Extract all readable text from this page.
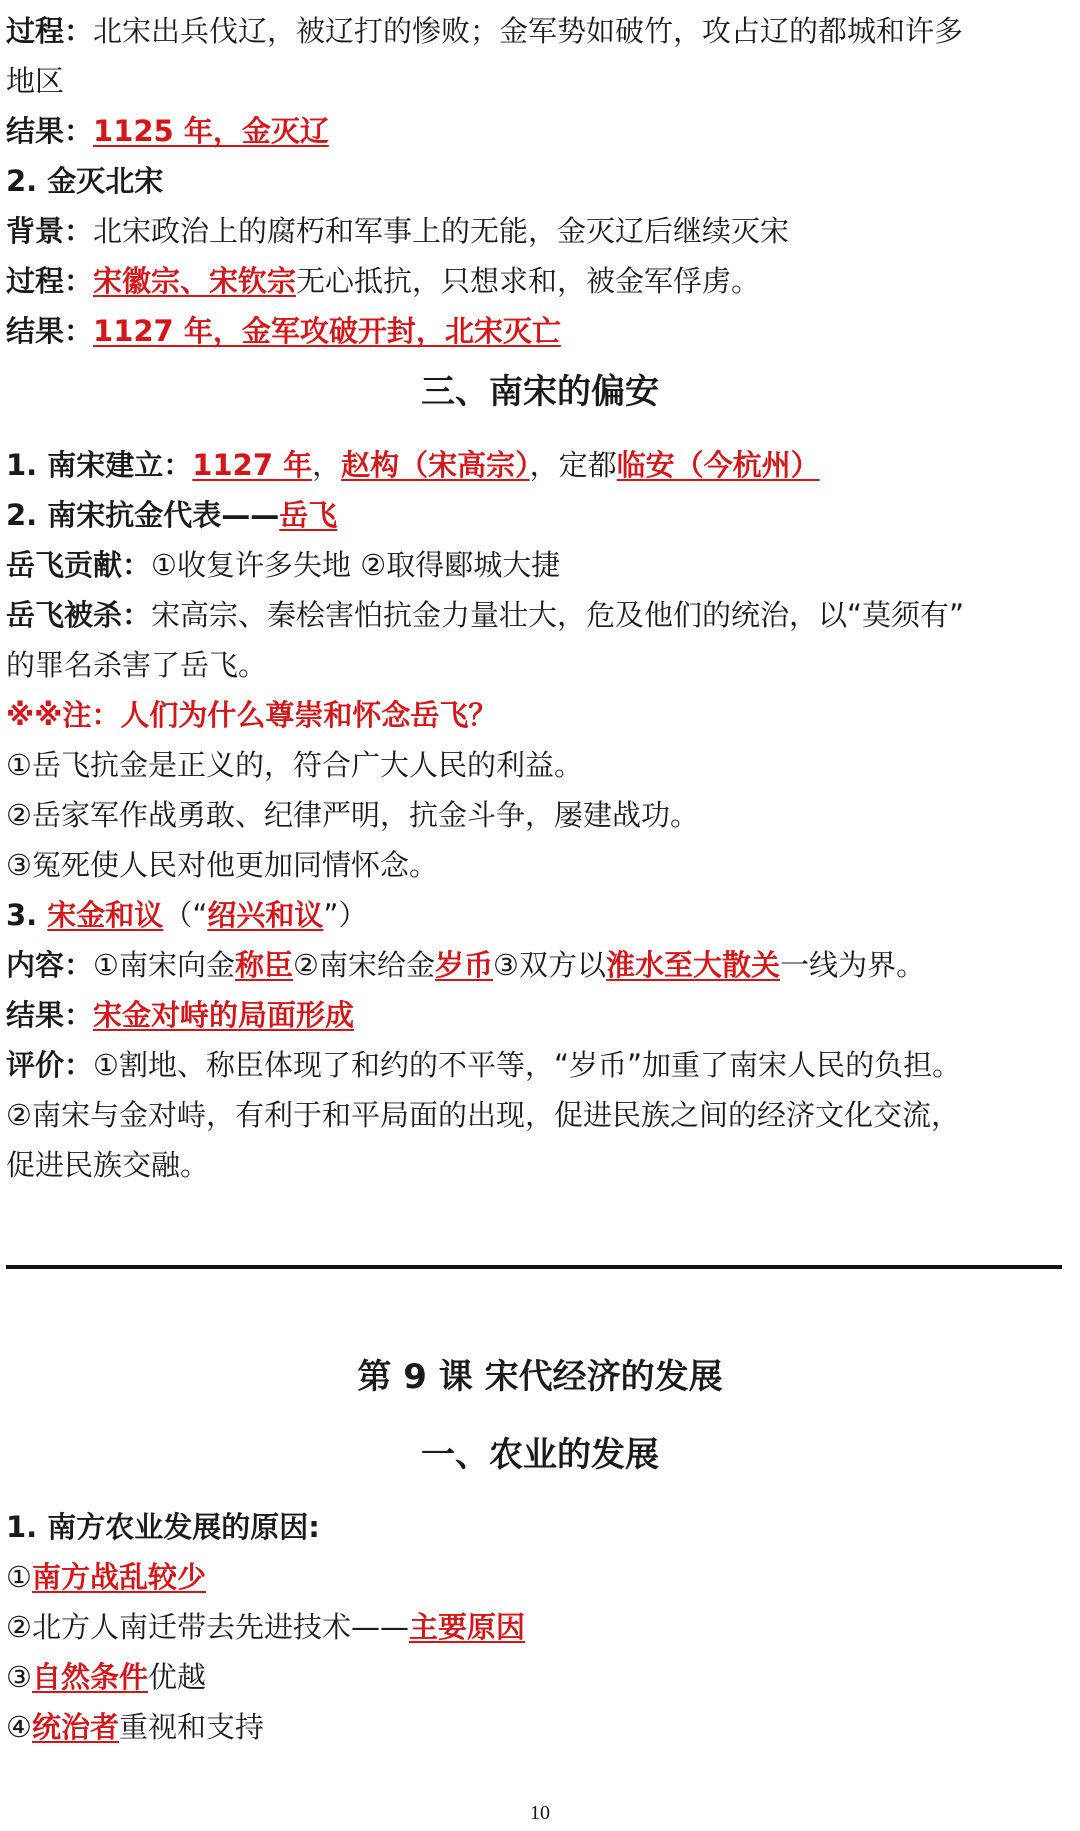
过程：北宋出兵伐辽，被辽打的惨败；金军势如破竹，攻占辽的都城和许多
地区
结果：1125 年，金灭辽
2. 金灭北宋
背景：北宋政治上的腐朽和军事上的无能，金灭辽后继续灭宋
过程：宋徽宗、宋钦宗无心抵抗，只想求和，被金军俘虏。
结果：1127 年，金军攻破开封，北宋灭亡
三、南宋的偏安
1. 南宋建立：1127 年，赵构（宋高宗），定都临安（今杭州）
2. 南宋抗金代表——岳飞
岳飞贡献：①收复许多失地 ②取得郾城大捷
岳飞被杀：宋高宗、秦桧害怕抗金力量壮大，危及他们的统治，以“莫须有”
的罪名杀害了岳飞。
※※注：人们为什么尊崇和怀念岳飞？
①岳飞抗金是正义的，符合广大人民的利益。
②岳家军作战勇敢、纪律严明，抗金斗争，屡建战功。
③冤死使人民对他更加同情怀念。
3. 宋金和议（“绍兴和议”）
内容：①南宋向金称臣②南宋给金岁币③双方以淮水至大散关一线为界。
结果：宋金对峙的局面形成
评价：①割地、称臣体现了和约的不平等，“岁币”加重了南宋人民的负担。
②南宋与金对峙，有利于和平局面的出现，促进民族之间的经济文化交流，
促进民族交融。
第 9 课 宋代经济的发展
一、农业的发展
1. 南方农业发展的原因:
①南方战乱较少
②北方人南迁带去先进技术——主要原因
③自然条件优越
④统治者重视和支持
10
